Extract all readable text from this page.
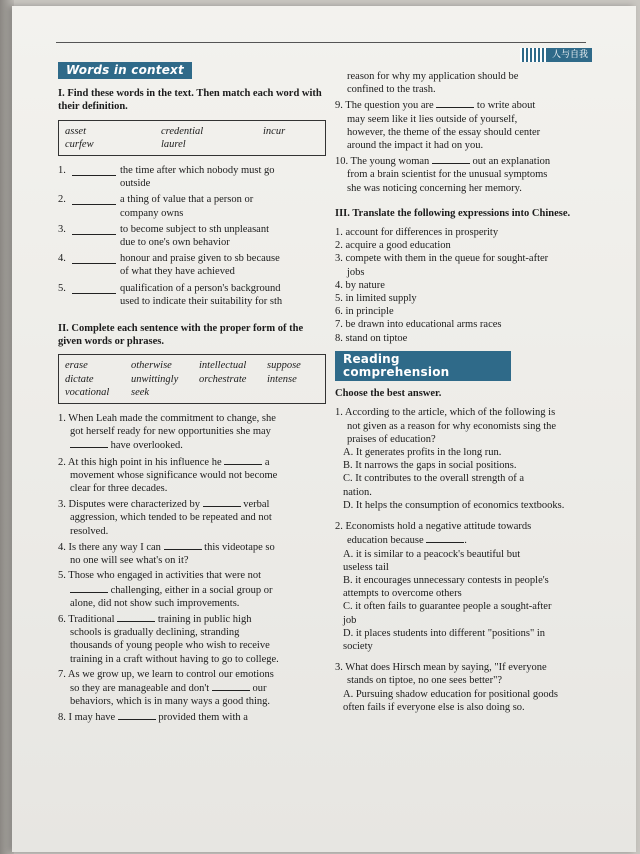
人与自我
Words in context
I. Find these words in the text. Then match each word with their definition.
asset	credential	incur
curfew	laurel
1.	the time after which nobody must go
outside
2.	a thing of value that a person or
company owns
3.	to become subject to sth unpleasant
due to one's own behavior
4.	honour and praise given to sb because
of what they have achieved
5.	qualification of a person's background
used to indicate their suitability for sth
II. Complete each sentence with the proper form of the given words or phrases.
erase	otherwise	intellectual	suppose
dictate	unwittingly	orchestrate	intense
vocational	seek
1. When Leah made the commitment to change, she
got herself ready for new opportunities she may
have overlooked.
2. At this high point in his influence he	a
movement whose significance would not become
clear for three decades.
3. Disputes were characterized by	verbal
aggression, which tended to be repeated and not
resolved.
4. Is there any way I can	this videotape so
no one will see what's on it?
5. Those who engaged in activities that were not
challenging, either in a social group or
alone, did not show such improvements.
6. Traditional	training in public high
schools is gradually declining, stranding
thousands of young people who wish to receive
training in a craft without having to go to college.
7. As we grow up, we learn to control our emotions
so they are manageable and don't	our
behaviors, which is in many ways a good thing.
8. I may have	provided them with a
reason for why my application should be
confined to the trash.
9. The question you are	to write about
may seem like it lies outside of yourself,
however, the theme of the essay should center
around the impact it had on you.
10. The young woman	out an explanation
from a brain scientist for the unusual symptoms
she was noticing concerning her memory.
III. Translate the following expressions into Chinese.
1. account for differences in prosperity
2. acquire a good education
3. compete with them in the queue for sought-after
jobs
4. by nature
5. in limited supply
6. in principle
7. be drawn into educational arms races
8. stand on tiptoe
Reading comprehension
Choose the best answer.
1. According to the article, which of the following is
not given as a reason for why economists sing the
praises of education?
A. It generates profits in the long run.
B. It narrows the gaps in social positions.
C. It contributes to the overall strength of a
nation.
D. It helps the consumption of economics textbooks.
2. Economists hold a negative attitude towards
education because	.
A. it is similar to a peacock's beautiful but
useless tail
B. it encourages unnecessary contests in people's
attempts to overcome others
C. it often fails to guarantee people a sought-after
job
D. it places students into different "positions" in
society
3. What does Hirsch mean by saying, "If everyone
stands on tiptoe, no one sees better"?
A. Pursuing shadow education for positional goods
often fails if everyone else is also doing so.
